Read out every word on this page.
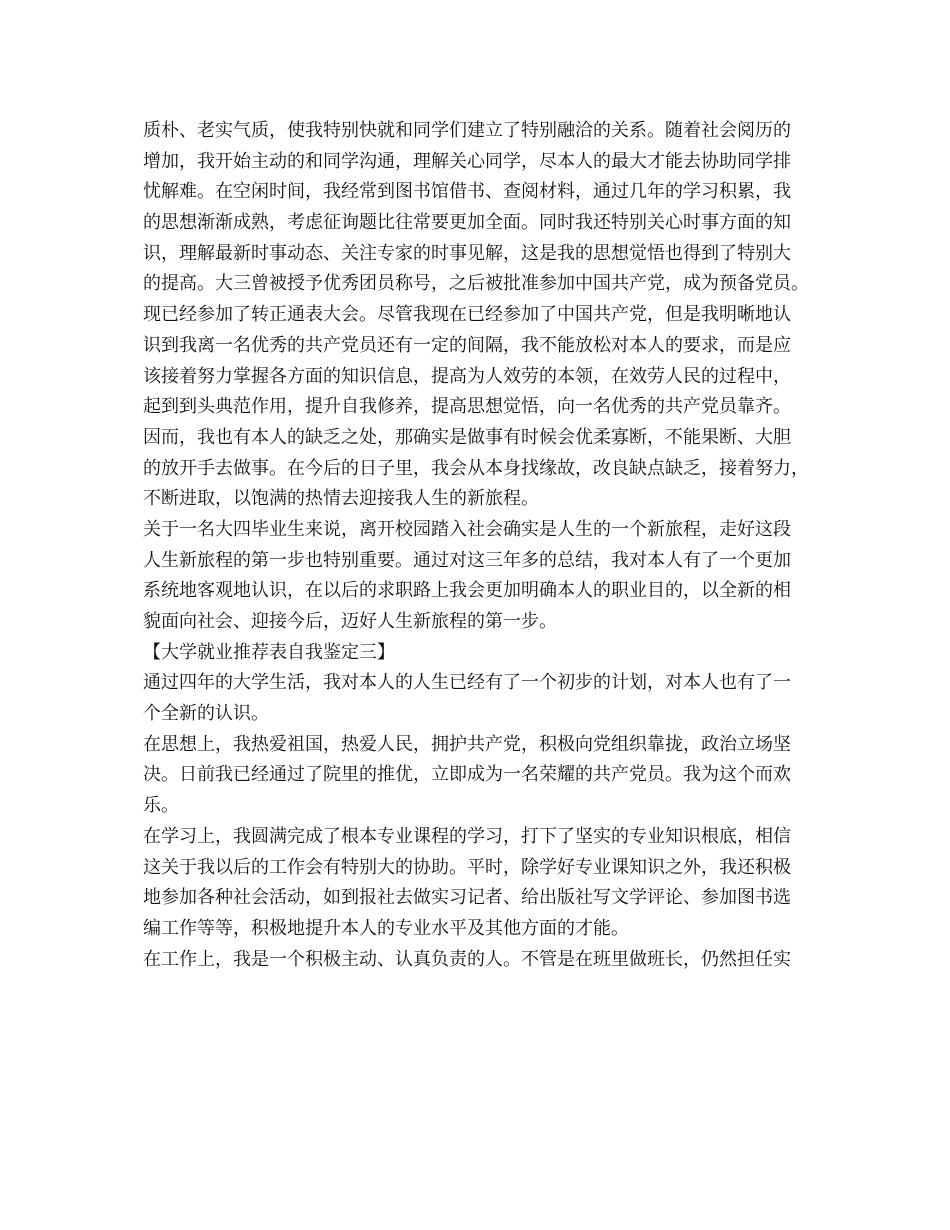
质朴、老实气质，使我特别快就和同学们建立了特别融洽的关系。随着社会阅历的
增加，我开始主动的和同学沟通，理解关心同学，尽本人的最大才能去协助同学排
忧解难。在空闲时间，我经常到图书馆借书、查阅材料，通过几年的学习积累，我
的思想渐渐成熟，考虑征询题比往常要更加全面。同时我还特别关心时事方面的知
识，理解最新时事动态、关注专家的时事见解，这是我的思想觉悟也得到了特别大
的提高。大三曾被授予优秀团员称号，之后被批准参加中国共产党，成为预备党员。
现已经参加了转正通表大会。尽管我现在已经参加了中国共产党，但是我明晰地认
识到我离一名优秀的共产党员还有一定的间隔，我不能放松对本人的要求，而是应
该接着努力掌握各方面的知识信息，提高为人效劳的本领，在效劳人民的过程中，
起到到头典范作用，提升自我修养，提高思想觉悟，向一名优秀的共产党员靠齐。
因而，我也有本人的缺乏之处，那确实是做事有时候会优柔寡断，不能果断、大胆
的放开手去做事。在今后的日子里，我会从本身找缘故，改良缺点缺乏，接着努力，
不断进取，以饱满的热情去迎接我人生的新旅程。
关于一名大四毕业生来说，离开校园踏入社会确实是人生的一个新旅程，走好这段
人生新旅程的第一步也特别重要。通过对这三年多的总结，我对本人有了一个更加
系统地客观地认识，在以后的求职路上我会更加明确本人的职业目的，以全新的相
貌面向社会、迎接今后，迈好人生新旅程的第一步。
【大学就业推荐表自我鉴定三】
通过四年的大学生活，我对本人的人生已经有了一个初步的计划，对本人也有了一
个全新的认识。
在思想上，我热爱祖国，热爱人民，拥护共产党，积极向党组织靠拢，政治立场坚
决。日前我已经通过了院里的推优，立即成为一名荣耀的共产党员。我为这个而欢
乐。
在学习上，我圆满完成了根本专业课程的学习，打下了坚实的专业知识根底，相信
这关于我以后的工作会有特别大的协助。平时，除学好专业课知识之外，我还积极
地参加各种社会活动，如到报社去做实习记者、给出版社写文学评论、参加图书选
编工作等等，积极地提升本人的专业水平及其他方面的才能。
在工作上，我是一个积极主动、认真负责的人。不管是在班里做班长，仍然担任实
